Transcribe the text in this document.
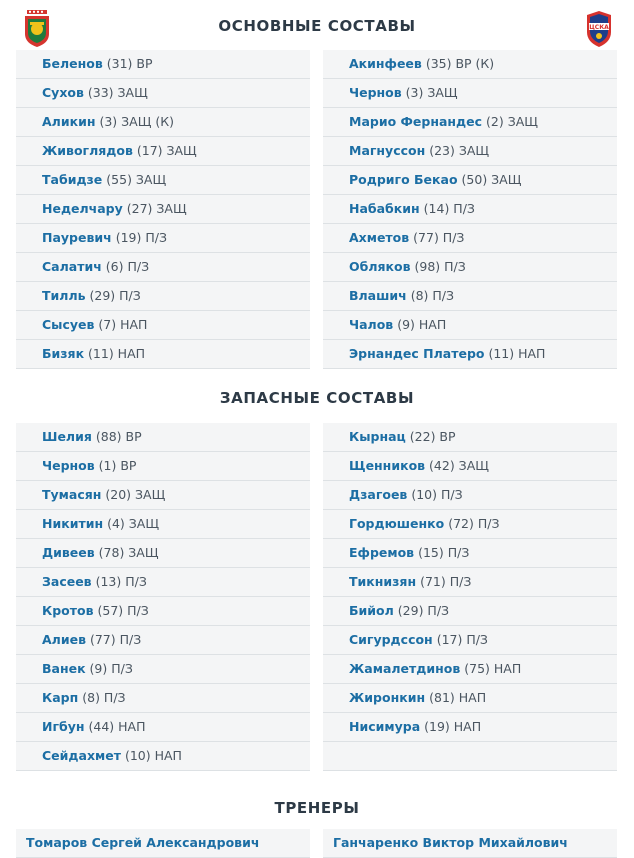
ОСНОВНЫЕ СОСТАВЫ	ЦСКА
Беленов (31) ВР
Сухов (33) ЗАЩ
Аликин (3) ЗАЩ (К)
Живоглядов (17) ЗАЩ
Табидзе (55) ЗАЩ
Неделчару (27) ЗАЩ
Пауревич (19) П/З
Салатич (6) П/З
Тилль (29) П/З
Сысуев (7) НАП
Бизяк (11) НАП
Акинфеев (35) ВР (К)
Чернов (3) ЗАЩ
Марио Фернандес (2) ЗАЩ
Магнуссон (23) ЗАЩ
Родриго Бекао (50) ЗАЩ
Набабкин (14) П/З
Ахметов (77) П/З
Обляков (98) П/З
Влашич (8) П/З
Чалов (9) НАП
Эрнандес Платеро (11) НАП
ЗАПАСНЫЕ СОСТАВЫ
Шелия (88) ВР
Чернов (1) ВР
Тумасян (20) ЗАЩ
Никитин (4) ЗАЩ
Дивеев (78) ЗАЩ
Засеев (13) П/З
Кротов (57) П/З
Алиев (77) П/З
Ванек (9) П/З
Карп (8) П/З
Игбун (44) НАП
Сейдахмет (10) НАП
Кырнац (22) ВР
Щенников (42) ЗАЩ
Дзагоев (10) П/З
Гордюшенко (72) П/З
Ефремов (15) П/З
Тикнизян (71) П/З
Бийол (29) П/З
Сигурдссон (17) П/З
Жамалетдинов (75) НАП
Жиронкин (81) НАП
Нисимура (19) НАП
ТРЕНЕРЫ
Томаров Сергей Александрович	Ганчаренко Виктор Михайлович
